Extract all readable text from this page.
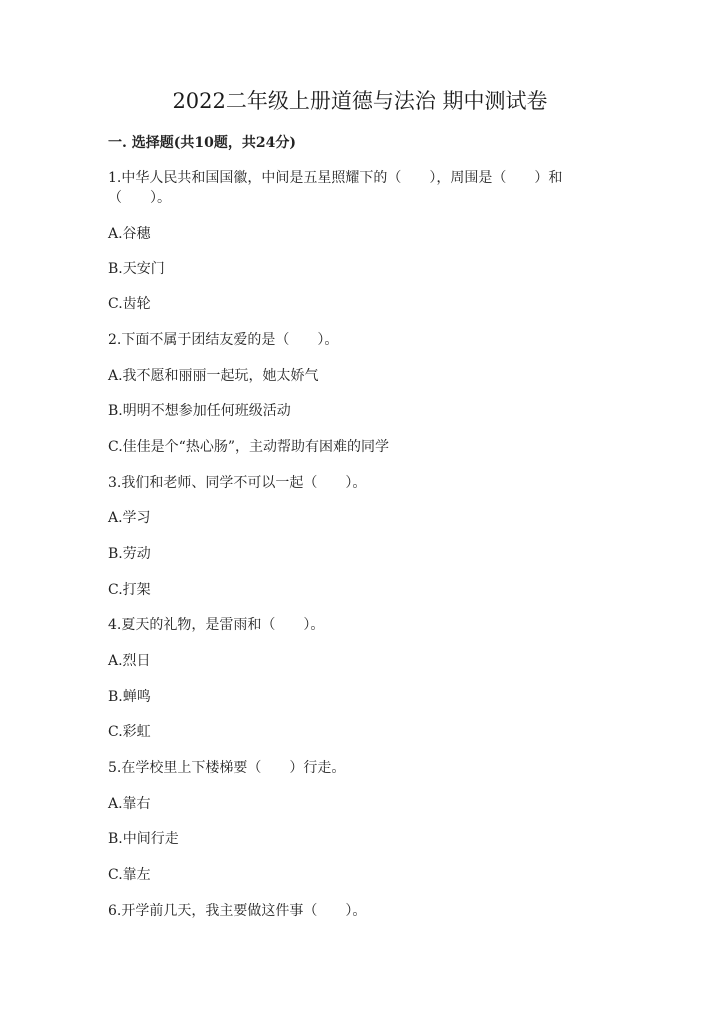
2022二年级上册道德与法治 期中测试卷
一. 选择题(共10题，共24分)
1.中华人民共和国国徽，中间是五星照耀下的（　　），周围是（　　）和
（　　）。
A.谷穗
B.天安门
C.齿轮
2.下面不属于团结友爱的是（　　）。
A.我不愿和丽丽一起玩，她太娇气
B.明明不想参加任何班级活动
C.佳佳是个“热心肠”，主动帮助有困难的同学
3.我们和老师、同学不可以一起（　　）。
A.学习
B.劳动
C.打架
4.夏天的礼物，是雷雨和（　　）。
A.烈日
B.蝉鸣
C.彩虹
5.在学校里上下楼梯要（　　）行走。
A.靠右
B.中间行走
C.靠左
6.开学前几天，我主要做这件事（　　）。
